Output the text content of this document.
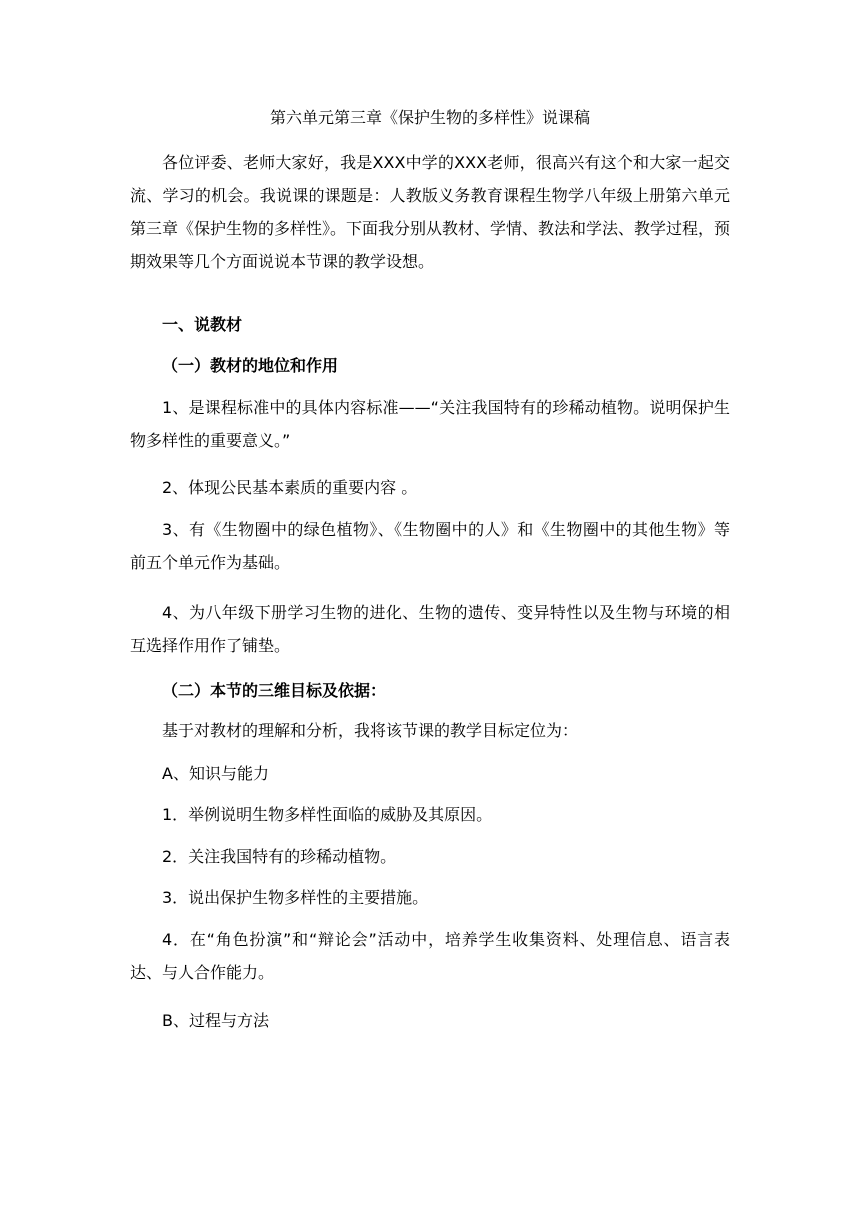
第六单元第三章《保护生物的多样性》说课稿
各位评委、老师大家好，我是XXX中学的XXX老师，很高兴有这个和大家一起交流、学习的机会。我说课的课题是：人教版义务教育课程生物学八年级上册第六单元第三章《保护生物的多样性》。下面我分别从教材、学情、教法和学法、教学过程，预期效果等几个方面说说本节课的教学设想。
一、说教材
（一）教材的地位和作用
1、是课程标准中的具体内容标准——“关注我国特有的珍稀动植物。说明保护生物多样性的重要意义。”
2、体现公民基本素质的重要内容 。
3、有《生物圈中的绿色植物》、《生物圈中的人》和《生物圈中的其他生物》等前五个单元作为基础。
4、为八年级下册学习生物的进化、生物的遗传、变异特性以及生物与环境的相互选择作用作了铺垫。
（二）本节的三维目标及依据：
基于对教材的理解和分析，我将该节课的教学目标定位为：
A、知识与能力
1．举例说明生物多样性面临的威胁及其原因。
2．关注我国特有的珍稀动植物。
3．说出保护生物多样性的主要措施。
4．在“角色扮演”和“辩论会”活动中，培养学生收集资料、处理信息、语言表达、与人合作能力。
B、过程与方法
